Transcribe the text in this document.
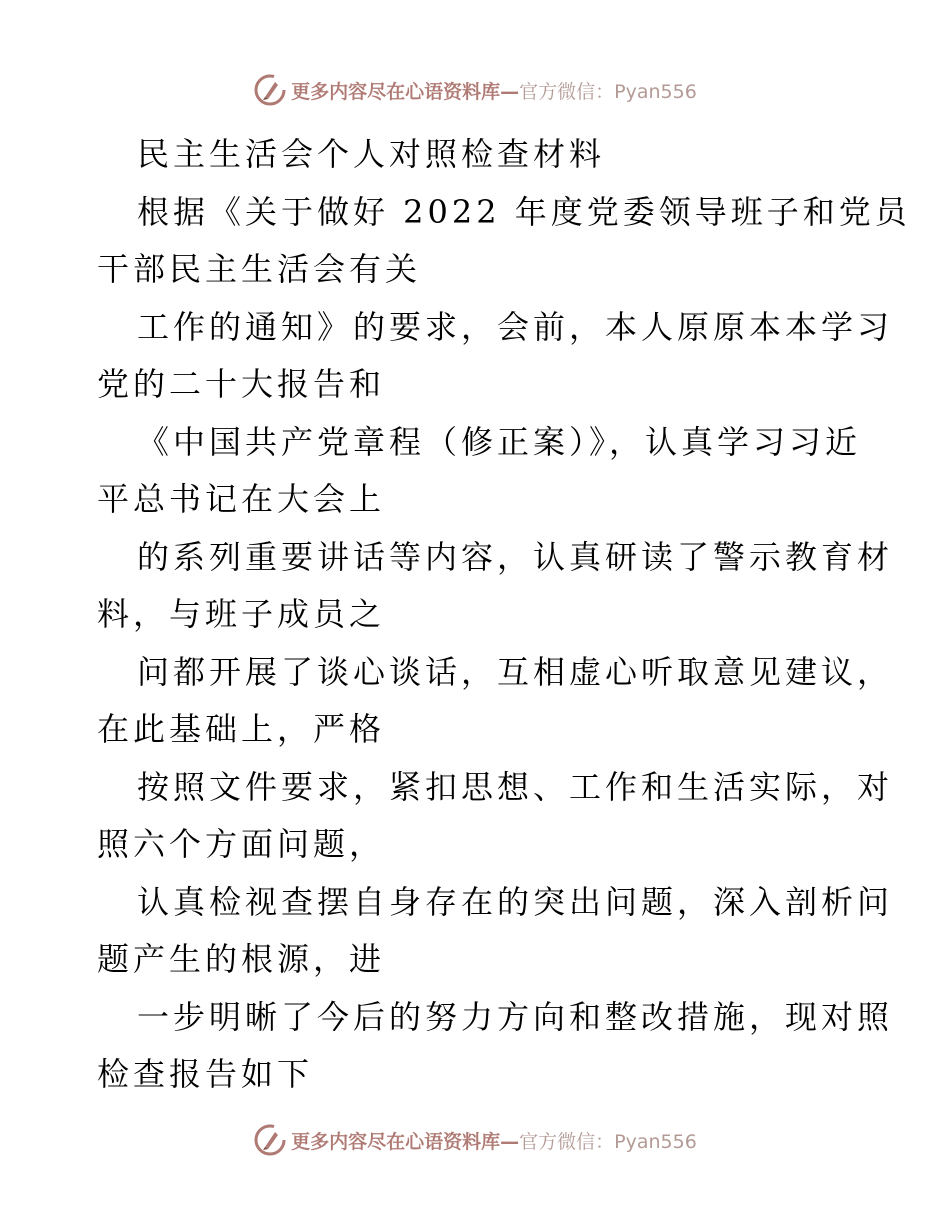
更多内容尽在心语资料库—官方微信：Pyan556
民主生活会个人对照检查材料
根据《关于做好 2022 年度党委领导班子和党员
干部民主生活会有关
工作的通知》的要求，会前，本人原原本本学习
党的二十大报告和
《中国共产党章程（修正案）》，认真学习习近
平总书记在大会上
的系列重要讲话等内容，认真研读了警示教育材
料，与班子成员之
问都开展了谈心谈话，互相虚心听取意见建议，
在此基础上，严格
按照文件要求，紧扣思想、工作和生活实际，对
照六个方面问题，
认真检视查摆自身存在的突出问题，深入剖析问
题产生的根源，进
一步明晰了今后的努力方向和整改措施，现对照
检查报告如下
更多内容尽在心语资料库—官方微信：Pyan556
